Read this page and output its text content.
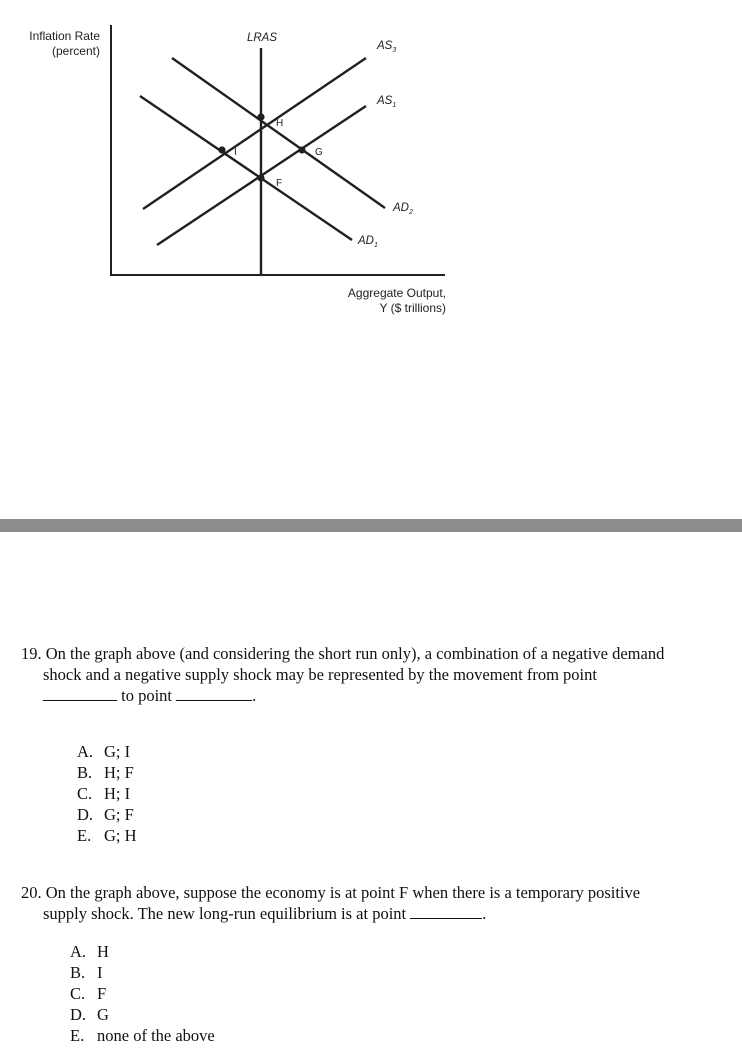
Inflation Rate
(percent)
Aggregate Output,
Y ($ trillions)
LRAS
$AS_3$
$AS_1$
$AD_2$
$AD_1$
H
G
I
F
19. On the graph above (and considering the short run only), a combination of a negative demand
shock and a negative supply shock may be represented by the movement from point
to point	.
A. G; I
B. H; F
C. H; I
D. G; F
E. G; H
20. On the graph above, suppose the economy is at point F when there is a temporary positive
supply shock. The new long-run equilibrium is at point	.
A. H
B. I
C. F
D. G
E. none of the above
